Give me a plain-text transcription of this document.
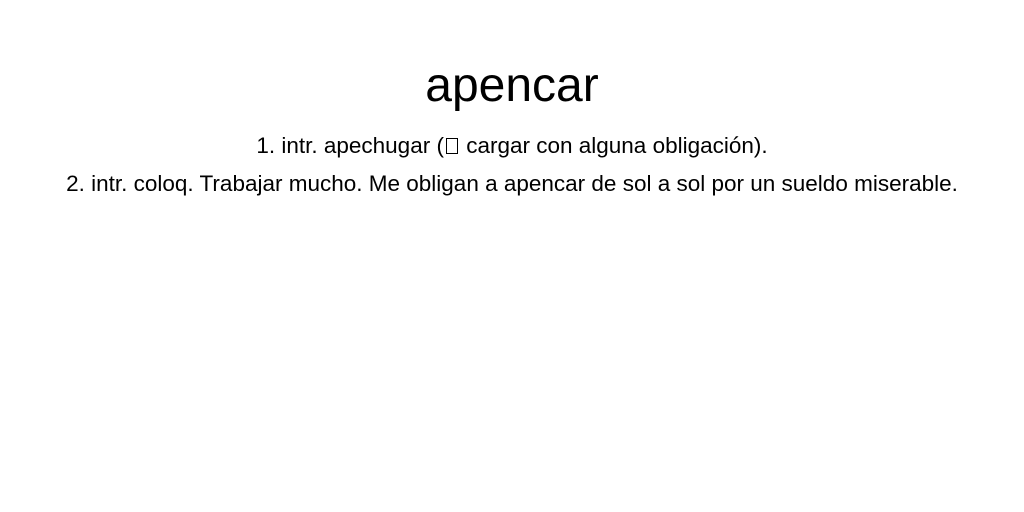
apencar
1. intr. apechugar ( cargar con alguna obligación).
2. intr. coloq. Trabajar mucho. Me obligan a apencar de sol a sol por un sueldo miserable.
